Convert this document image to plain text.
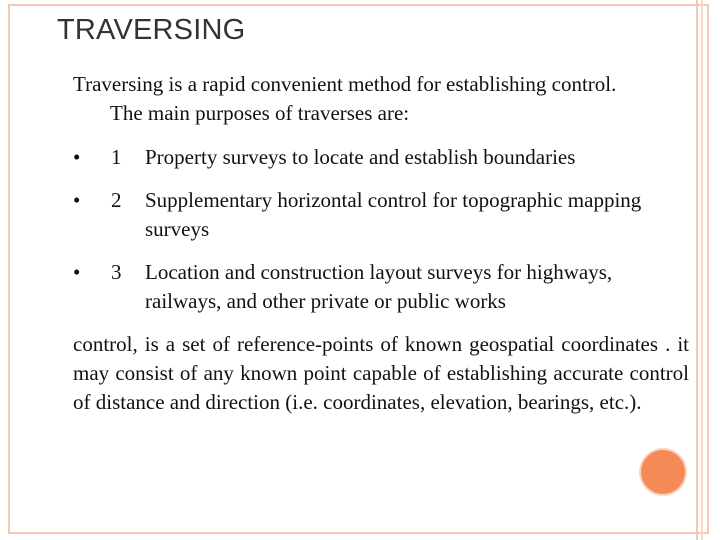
TRAVERSING
Traversing is a rapid convenient method for establishing control.
The main purposes of traverses are:
• 1 Property surveys to locate and establish boundaries
• 2 Supplementary horizontal control for topographic mapping surveys
• 3 Location and construction layout surveys for highways, railways, and other private or public works
control, is a set of reference-points of known geospatial coordinates . it may consist of any known point capable of establishing accurate control of distance and direction (i.e. coordinates, elevation, bearings, etc.).
